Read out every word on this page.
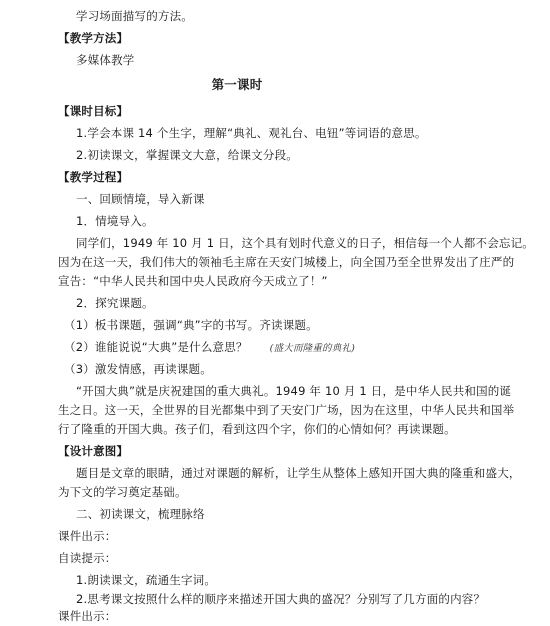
学习场面描写的方法。
【教学方法】
多媒体教学
第一课时
【课时目标】
1.学会本课 14 个生字，理解“典礼、观礼台、电钮”等词语的意思。
2.初读课文，掌握课文大意，给课文分段。
【教学过程】
一、回顾情境，导入新课
1．情境导入。
同学们，1949 年 10 月 1 日，这个具有划时代意义的日子，相信每一个人都不会忘记。
因为在这一天，我们伟大的领袖毛主席在天安门城楼上，向全国乃至全世界发出了庄严的
宣告：“中华人民共和国中央人民政府今天成立了！”
2．探究课题。
（1）板书课题，强调“典”字的书写。齐读课题。
（2）谁能说说“大典”是什么意思？ (盛大而隆重的典礼)
（3）激发情感，再读课题。
“开国大典”就是庆祝建国的重大典礼。1949 年 10 月 1 日，是中华人民共和国的诞
生之日。这一天，全世界的目光都集中到了天安门广场，因为在这里，中华人民共和国举
行了隆重的开国大典。孩子们，看到这四个字，你们的心情如何？再读课题。
【设计意图】
题目是文章的眼睛，通过对课题的解析，让学生从整体上感知开国大典的隆重和盛大，
为下文的学习奠定基础。
二、初读课文，梳理脉络
课件出示：
自读提示：
1.朗读课文，疏通生字词。
2.思考课文按照什么样的顺序来描述开国大典的盛况？分别写了几方面的内容？
课件出示：
